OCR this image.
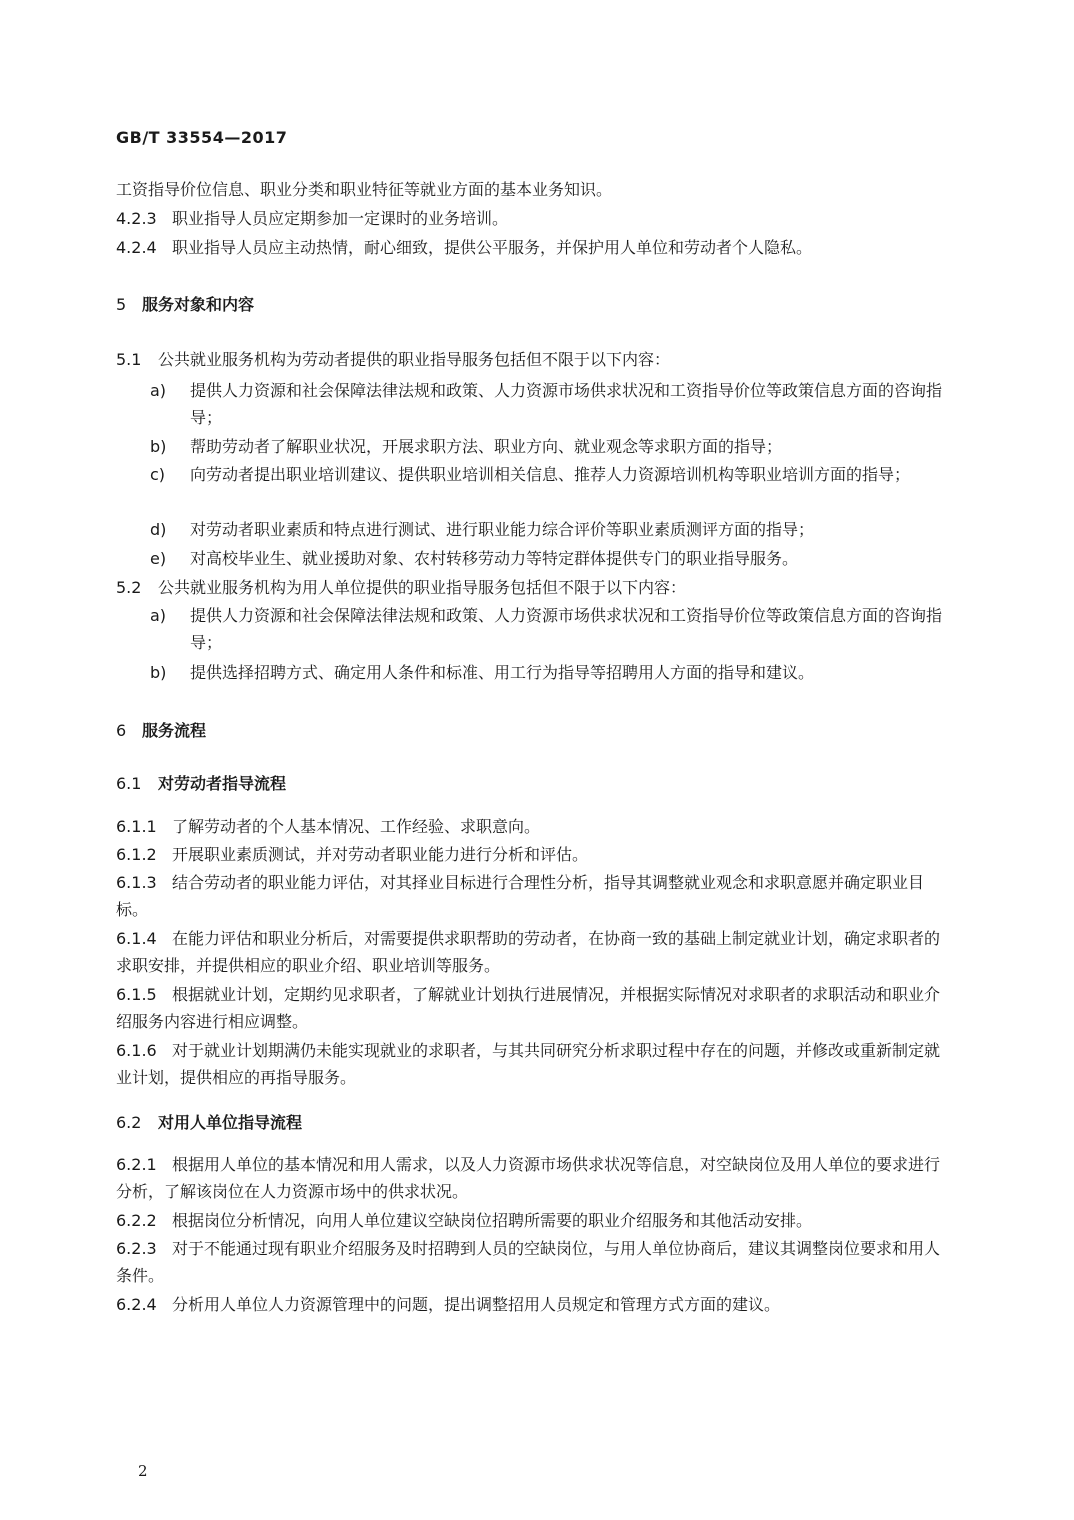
GB/T 33554—2017
工资指导价位信息、职业分类和职业特征等就业方面的基本业务知识。
4.2.3 职业指导人员应定期参加一定课时的业务培训。
4.2.4 职业指导人员应主动热情，耐心细致，提供公平服务，并保护用人单位和劳动者个人隐私。
5 服务对象和内容
5.1 公共就业服务机构为劳动者提供的职业指导服务包括但不限于以下内容：
a) 提供人力资源和社会保障法律法规和政策、人力资源市场供求状况和工资指导价位等政策信息方面的咨询指导；
b) 帮助劳动者了解职业状况，开展求职方法、职业方向、就业观念等求职方面的指导；
c) 向劳动者提出职业培训建议、提供职业培训相关信息、推荐人力资源培训机构等职业培训方面的指导；
d) 对劳动者职业素质和特点进行测试、进行职业能力综合评价等职业素质测评方面的指导；
e) 对高校毕业生、就业援助对象、农村转移劳动力等特定群体提供专门的职业指导服务。
5.2 公共就业服务机构为用人单位提供的职业指导服务包括但不限于以下内容：
a) 提供人力资源和社会保障法律法规和政策、人力资源市场供求状况和工资指导价位等政策信息方面的咨询指导；
b) 提供选择招聘方式、确定用人条件和标准、用工行为指导等招聘用人方面的指导和建议。
6 服务流程
6.1 对劳动者指导流程
6.1.1 了解劳动者的个人基本情况、工作经验、求职意向。
6.1.2 开展职业素质测试，并对劳动者职业能力进行分析和评估。
6.1.3 结合劳动者的职业能力评估，对其择业目标进行合理性分析，指导其调整就业观念和求职意愿并确定职业目标。
6.1.4 在能力评估和职业分析后，对需要提供求职帮助的劳动者，在协商一致的基础上制定就业计划，确定求职者的求职安排，并提供相应的职业介绍、职业培训等服务。
6.1.5 根据就业计划，定期约见求职者，了解就业计划执行进展情况，并根据实际情况对求职者的求职活动和职业介绍服务内容进行相应调整。
6.1.6 对于就业计划期满仍未能实现就业的求职者，与其共同研究分析求职过程中存在的问题，并修改或重新制定就业计划，提供相应的再指导服务。
6.2 对用人单位指导流程
6.2.1 根据用人单位的基本情况和用人需求，以及人力资源市场供求状况等信息，对空缺岗位及用人单位的要求进行分析，了解该岗位在人力资源市场中的供求状况。
6.2.2 根据岗位分析情况，向用人单位建议空缺岗位招聘所需要的职业介绍服务和其他活动安排。
6.2.3 对于不能通过现有职业介绍服务及时招聘到人员的空缺岗位，与用人单位协商后，建议其调整岗位要求和用人条件。
6.2.4 分析用人单位人力资源管理中的问题，提出调整招用人员规定和管理方式方面的建议。
2
